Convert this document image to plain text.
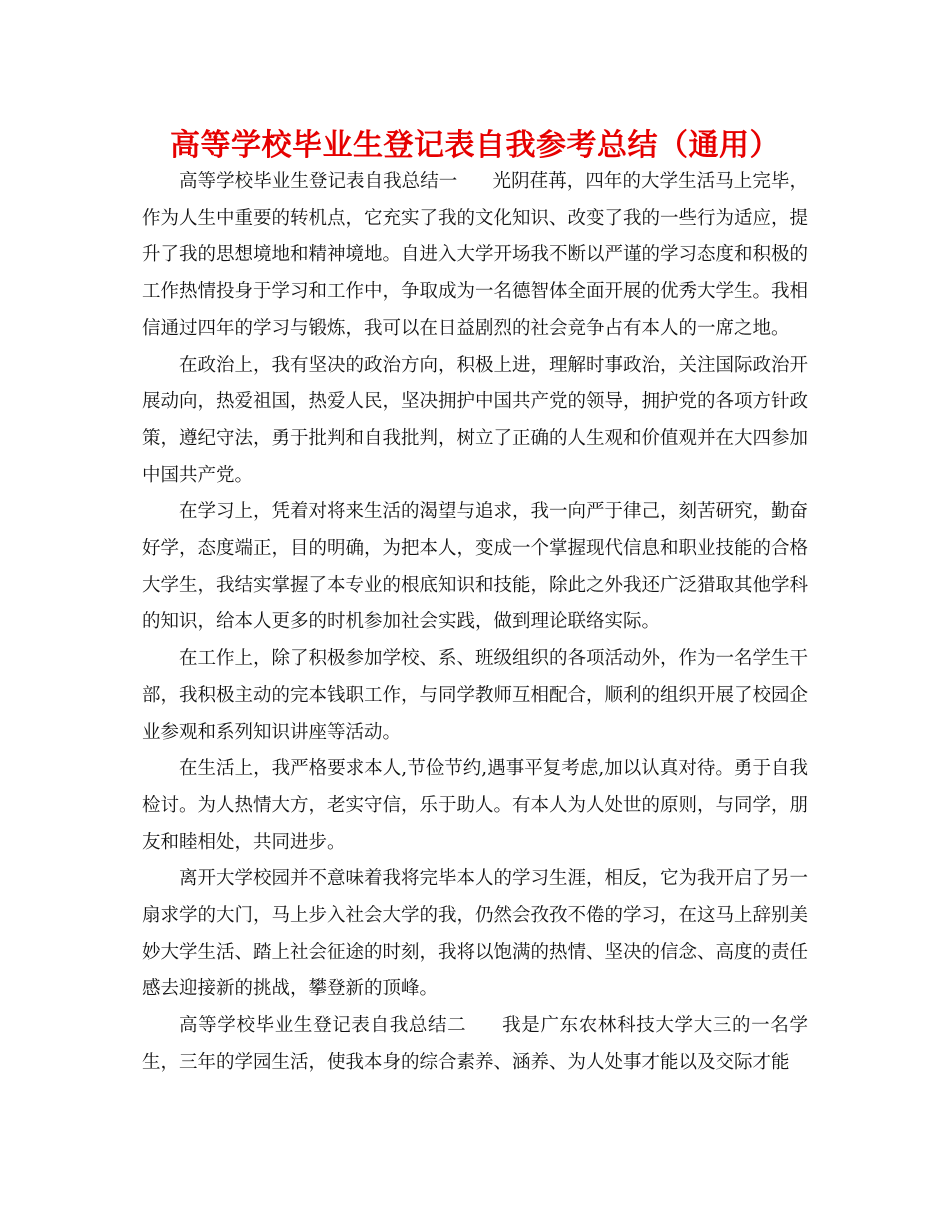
高等学校毕业生登记表自我参考总结（通用）

高等学校毕业生登记表自我总结一 光阴荏苒，四年的大学生活马上完毕，作为人生中重要的转机点，它充实了我的文化知识、改变了我的一些行为适应，提升了我的思想境地和精神境地。自进入大学开场我不断以严谨的学习态度和积极的工作热情投身于学习和工作中，争取成为一名德智体全面开展的优秀大学生。我相信通过四年的学习与锻炼，我可以在日益剧烈的社会竞争占有本人的一席之地。

在政治上，我有坚决的政治方向，积极上进，理解时事政治，关注国际政治开展动向，热爱祖国，热爱人民，坚决拥护中国共产党的领导，拥护党的各项方针政策，遵纪守法，勇于批判和自我批判，树立了正确的人生观和价值观并在大四参加中国共产党。

在学习上，凭着对将来生活的渴望与追求，我一向严于律己，刻苦研究，勤奋好学，态度端正，目的明确，为把本人，变成一个掌握现代信息和职业技能的合格大学生，我结实掌握了本专业的根底知识和技能，除此之外我还广泛猎取其他学科的知识，给本人更多的时机参加社会实践，做到理论联络实际。

在工作上，除了积极参加学校、系、班级组织的各项活动外，作为一名学生干部，我积极主动的完本钱职工作，与同学教师互相配合，顺利的组织开展了校园企业参观和系列知识讲座等活动。

在生活上，我严格要求本人,节俭节约,遇事平复考虑,加以认真对待。勇于自我检讨。为人热情大方，老实守信，乐于助人。有本人为人处世的原则，与同学，朋友和睦相处，共同进步。

离开大学校园并不意味着我将完毕本人的学习生涯，相反，它为我开启了另一扇求学的大门，马上步入社会大学的我，仍然会孜孜不倦的学习，在这马上辞别美妙大学生活、踏上社会征途的时刻，我将以饱满的热情、坚决的信念、高度的责任感去迎接新的挑战，攀登新的顶峰。

高等学校毕业生登记表自我总结二 我是广东农林科技大学大三的一名学生，三年的学园生活，使我本身的综合素养、涵养、为人处事才能以及交际才能
